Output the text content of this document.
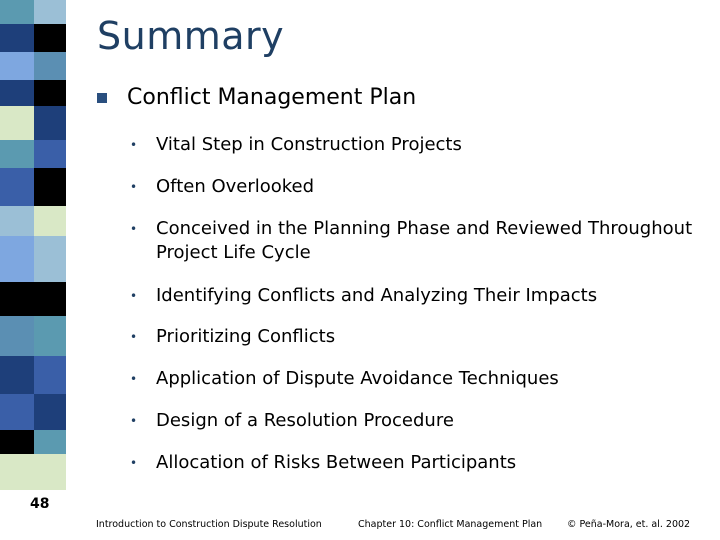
48
Summary
Conflict Management Plan
• Vital Step in Construction Projects
• Often Overlooked
• Conceived in the Planning Phase and Reviewed Throughout Project Life Cycle
• Identifying Conflicts and Analyzing Their Impacts
• Prioritizing Conflicts
• Application of Dispute Avoidance Techniques
• Design of a Resolution Procedure
• Allocation of Risks Between Participants
Introduction to Construction Dispute Resolution	Chapter 10: Conflict Management Plan	© Peña-Mora, et. al. 2002
